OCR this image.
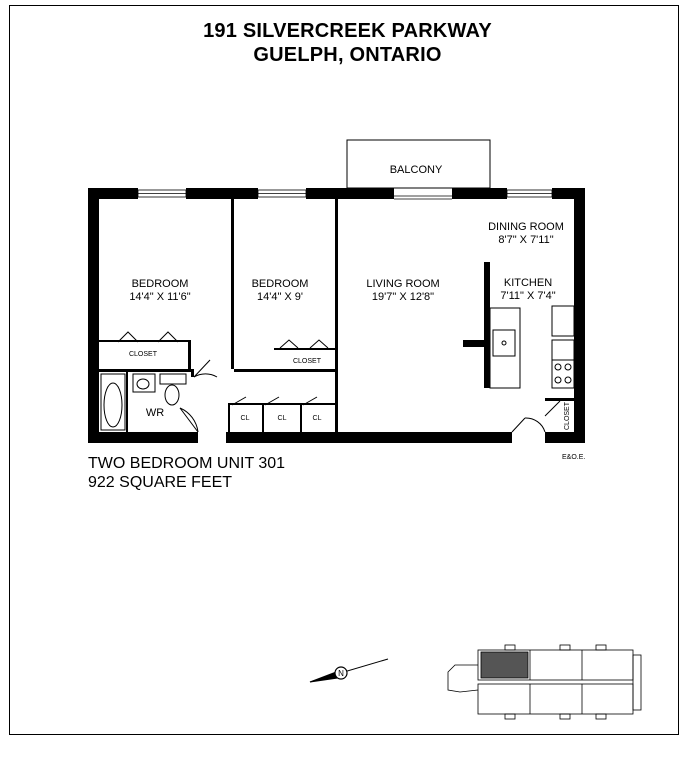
191 SILVERCREEK PARKWAY
GUELPH, ONTARIO
BALCONY
BEDROOM
14'4" X 11'6"
BEDROOM
14'4" X 9'
LIVING ROOM
19'7" X 12'8"
DINING ROOM
8'7" X 7'11"
KITCHEN
7'11" X 7'4"
CLOSET
CLOSET
WR	CL	CL	CL	CLOSET
N
TWO BEDROOM UNIT 301
922 SQUARE FEET
E&O.E.
